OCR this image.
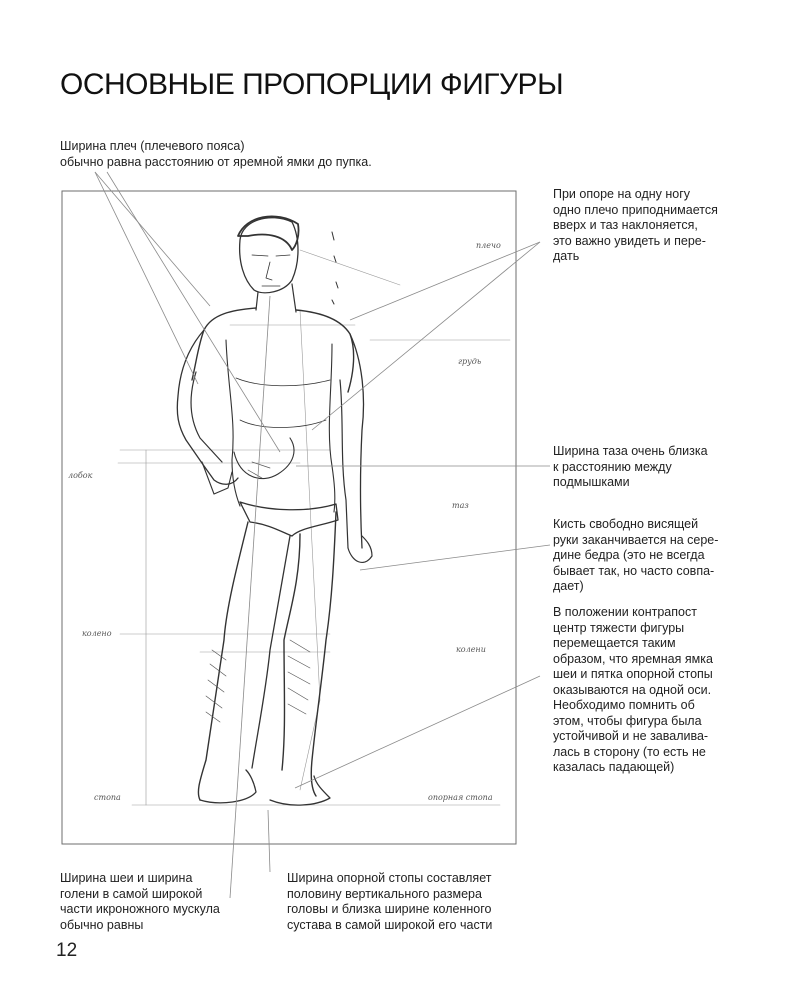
ОСНОВНЫЕ ПРОПОРЦИИ ФИГУРЫ
лобок
колено
стопа
плечо
грудь
таз
колени
опорная стопа
Ширина плеч (плечевого пояса)
обычно равна расстоянию от яремной ямки до пупка.
При опоре на одну ногу
одно плечо приподнимается
вверх и таз наклоняется,
это важно увидеть и пере-
дать
Ширина таза очень близка
к расстоянию между
подмышками
Кисть свободно висящей
руки заканчивается на сере-
дине бедра (это не всегда
бывает так, но часто совпа-
дает)
В положении контрапост
центр тяжести фигуры
перемещается таким
образом, что яремная ямка
шеи и пятка опорной стопы
оказываются на одной оси.
Необходимо помнить об
этом, чтобы фигура была
устойчивой и не завалива-
лась в сторону (то есть не
казалась падающей)
Ширина шеи и ширина
голени в самой широкой
части икроножного мускула
обычно равны
Ширина опорной стопы составляет
половину вертикального размера
головы и близка ширине коленного
сустава в самой широкой его части
12
